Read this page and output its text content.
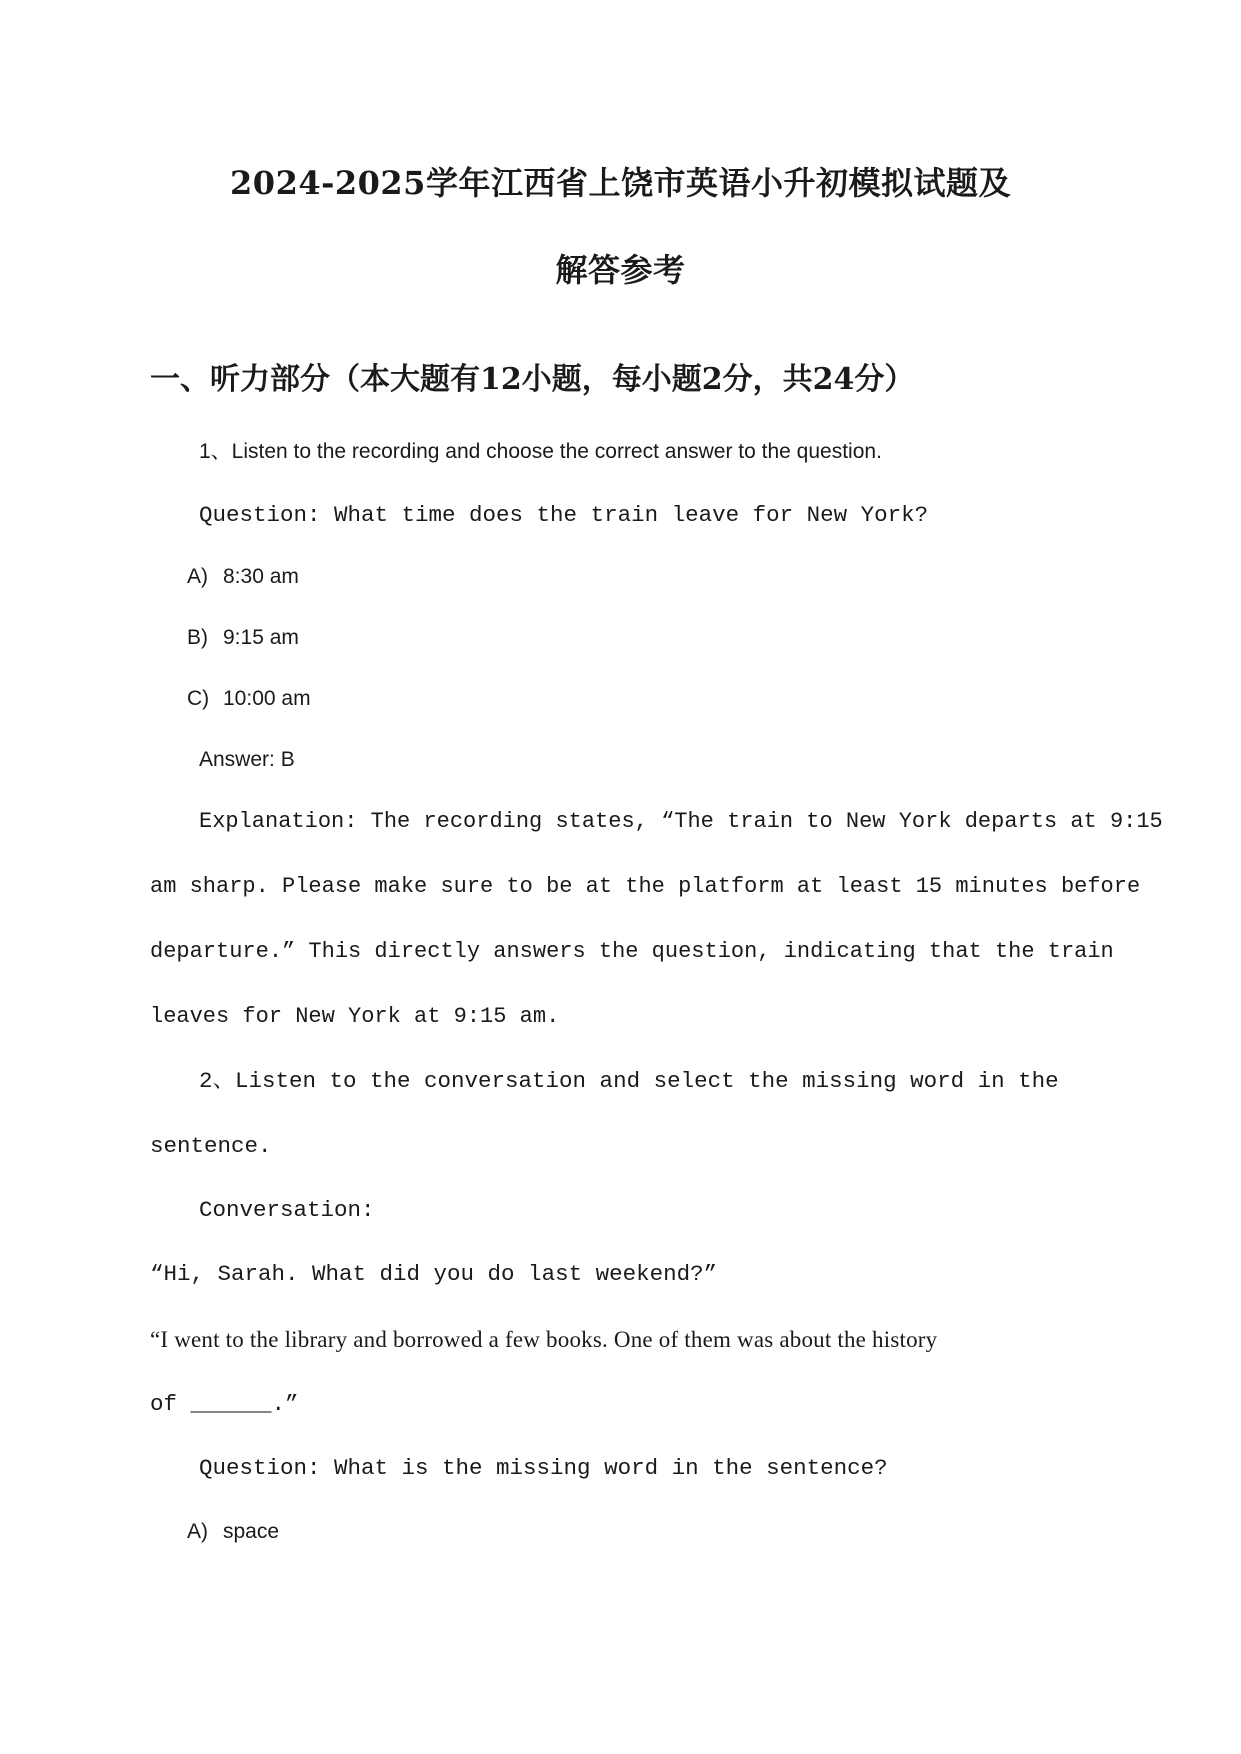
2024-2025学年江西省上饶市英语小升初模拟试题及
解答参考
一、听力部分（本大题有12小题，每小题2分，共24分）
1、Listen to the recording and choose the correct answer to the question.
Question: What time does the train leave for New York?
A) 8:30 am
B) 9:15 am
C) 10:00 am
Answer: B
Explanation: The recording states, “The train to New York departs at 9:15
am sharp. Please make sure to be at the platform at least 15 minutes before
departure.” This directly answers the question, indicating that the train
leaves for New York at 9:15 am.
2、Listen to the conversation and select the missing word in the
sentence.
Conversation:
“Hi, Sarah. What did you do last weekend?”
“I went to the library and borrowed a few books. One of them was about the history
of ______.”
Question: What is the missing word in the sentence?
A) space
